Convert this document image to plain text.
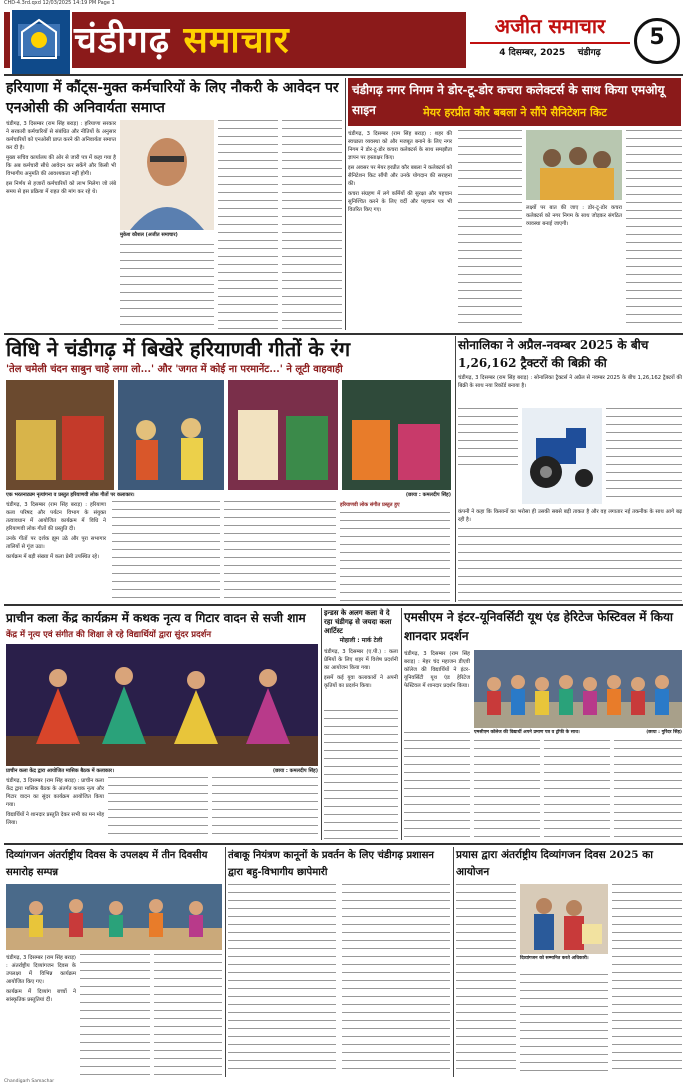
CHD-4.3rd.qxd 12/03/2025 14:19 PM Page 1
चंडीगढ़ समाचार	अजीत समाचार
4 दिसम्बर, 2025 चंडीगढ़
5
हरियाणा में कौंट्स-मुक्त कर्मचारियों के लिए नौकरी के आवेदन पर एनओसी की अनिवार्यता समाप्त

चंडीगढ़, 3 दिसम्बर (राम सिंह बराड़) : हरियाणा सरकार ने सरकारी कर्मचारियों से संबंधित और नीतियों के अनुसार कर्मचारियों को एनओसी प्राप्त करने की अनिवार्यता समाप्त कर दी है।

मुख्य सचिव कार्यालय की ओर से जारी पत्र में कहा गया है कि अब कर्मचारी सीधे आवेदन कर सकेंगे और किसी भी विभागीय अनुमति की आवश्यकता नहीं होगी।

इस निर्णय से हजारों कर्मचारियों को लाभ मिलेगा जो लंबे समय से इस प्रक्रिया में राहत की मांग कर रहे थे।

मुकेश कौशल (अजीत समाचार)
चंडीगढ़ नगर निगम ने डोर-टू-डोर कचरा कलेक्टर्स के साथ किया एमओयू साइन	मेयर हरप्रीत कौर बबला ने सौंपे सैनिटेशन किट

चंडीगढ़, 3 दिसम्बर (राम सिंह बराड़) : शहर की स्वच्छता व्यवस्था को और मजबूत बनाने के लिए नगर निगम ने डोर-टू-डोर कचरा कलेक्टर्स के साथ समझौता ज्ञापन पर हस्ताक्षर किए।

इस अवसर पर मेयर हरप्रीत कौर बबला ने कलेक्टर्स को सैनिटेशन किट सौंपी और उनके योगदान की सराहना की।

कचरा संग्रहण में लगे कर्मियों की सुरक्षा और पहचान सुनिश्चित करने के लिए वर्दी और पहचान पत्र भी वितरित किए गए।	लक्ष्यों पर बात की जाए : डोर-टू-डोर कचरा कलेक्टर्स को नगर निगम के साथ जोड़कर संगठित व्यवस्था बनाई जाएगी।

विधि ने चंडीगढ़ में बिखेरे हरियाणवी गीतों के रंग
'तेल चमेली चंदन साबुन चाहे लगा लो...' और 'जगत में कोई ना परमानेंट...' ने लूटी वाहवाही
एक भरतनाट्यम नृत्यांगना व प्रस्तुत हरियाणवी लोक गीतों पर कलाकार।	(छाया : कमलदीप सिंह)

चंडीगढ़, 3 दिसम्बर (राम सिंह बराड़) : हरियाणा कला परिषद और पर्यटन विभाग के संयुक्त तत्वावधान में आयोजित कार्यक्रम में विधि ने हरियाणवी लोक गीतों की प्रस्तुति दी।

उनके गीतों पर दर्शक झूम उठे और पूरा सभागार तालियों से गूंज उठा।

कार्यक्रम में बड़ी संख्या में कला प्रेमी उपस्थित रहे।

हरियाणवी लोक संगीत प्रस्तुत हुए
सोनालिका ने अप्रैल-नवम्बर 2025 के बीच 1,26,162 ट्रैक्टरों की बिक्री की

चंडीगढ़, 3 दिसम्बर (राम सिंह बराड़) : सोनालिका ट्रैक्टर्स ने अप्रैल से नवम्बर 2025 के बीच 1,26,162 ट्रैक्टरों की बिक्री के साथ नया रिकॉर्ड बनाया है।

कंपनी ने कहा कि किसानों का भरोसा ही उसकी सबसे बड़ी ताकत है और वह लगातार नई तकनीक के साथ आगे बढ़ रही है।

प्राचीन कला केंद्र कार्यक्रम में कथक नृत्य व गिटार वादन से सजी शाम
केंद्र में नृत्य एवं संगीत की शिक्षा ले रहे विद्यार्थियों द्वारा सुंदर प्रदर्शन
प्राचीन कला केंद्र द्वारा आयोजित मासिक बैठक में कलाकार।	(छाया : कमलदीप सिंह)

चंडीगढ़, 3 दिसम्बर (राम सिंह बराड़) : प्राचीन कला केंद्र द्वारा मासिक बैठक के अंतर्गत कथक नृत्य और गिटार वादन का सुंदर कार्यक्रम आयोजित किया गया।

विद्यार्थियों ने शानदार प्रस्तुति देकर सभी का मन मोह लिया।

इन्डस के अलग कला वे दे रहा चंडीगढ़ से जयदा कला आर्टिस्ट
मोहाली : मार्क टेली

चंडीगढ़, 3 दिसम्बर (ए.पी.) : कला प्रेमियों के लिए शहर में विशेष प्रदर्शनी का आयोजन किया गया।

इसमें कई युवा कलाकारों ने अपनी कृतियों का प्रदर्शन किया।

एमसीएम ने इंटर-यूनिवर्सिटी यूथ एंड हेरिटेज फेस्टिवल में किया शानदार प्रदर्शन

चंडीगढ़, 3 दिसम्बर (राम सिंह बराड़) : मेहर चंद महाजन डीएवी कॉलेज की विद्यार्थियों ने इंटर-यूनिवर्सिटी यूथ एंड हेरिटेज फेस्टिवल में शानदार प्रदर्शन किया।

एमसीएम कॉलेज की विद्यार्थी अपने प्रमाण पत्र व ट्रॉफी के साथ।	(छाया : गुरिंदर सिंह)
दिव्यांगजन अंतर्राष्ट्रीय दिवस के उपलक्ष्य में तीन दिवसीय समारोह सम्पन्न

चंडीगढ़, 3 दिसम्बर (राम सिंह बराड़) : अंतर्राष्ट्रीय दिव्यांगजन दिवस के उपलक्ष्य में विभिन्न कार्यक्रम आयोजित किए गए।

कार्यक्रम में दिव्यांग बच्चों ने सांस्कृतिक प्रस्तुतियां दीं।

तंबाकू नियंत्रण कानूनों के प्रवर्तन के लिए चंडीगढ़ प्रशासन द्वारा बहु-विभागीय छापेमारी
प्रयास द्वारा अंतर्राष्ट्रीय दिव्यांगजन दिवस 2025 का आयोजन
दिव्यांगजन को सम्मानित करते अधिकारी।
Chandigarh Samachar
